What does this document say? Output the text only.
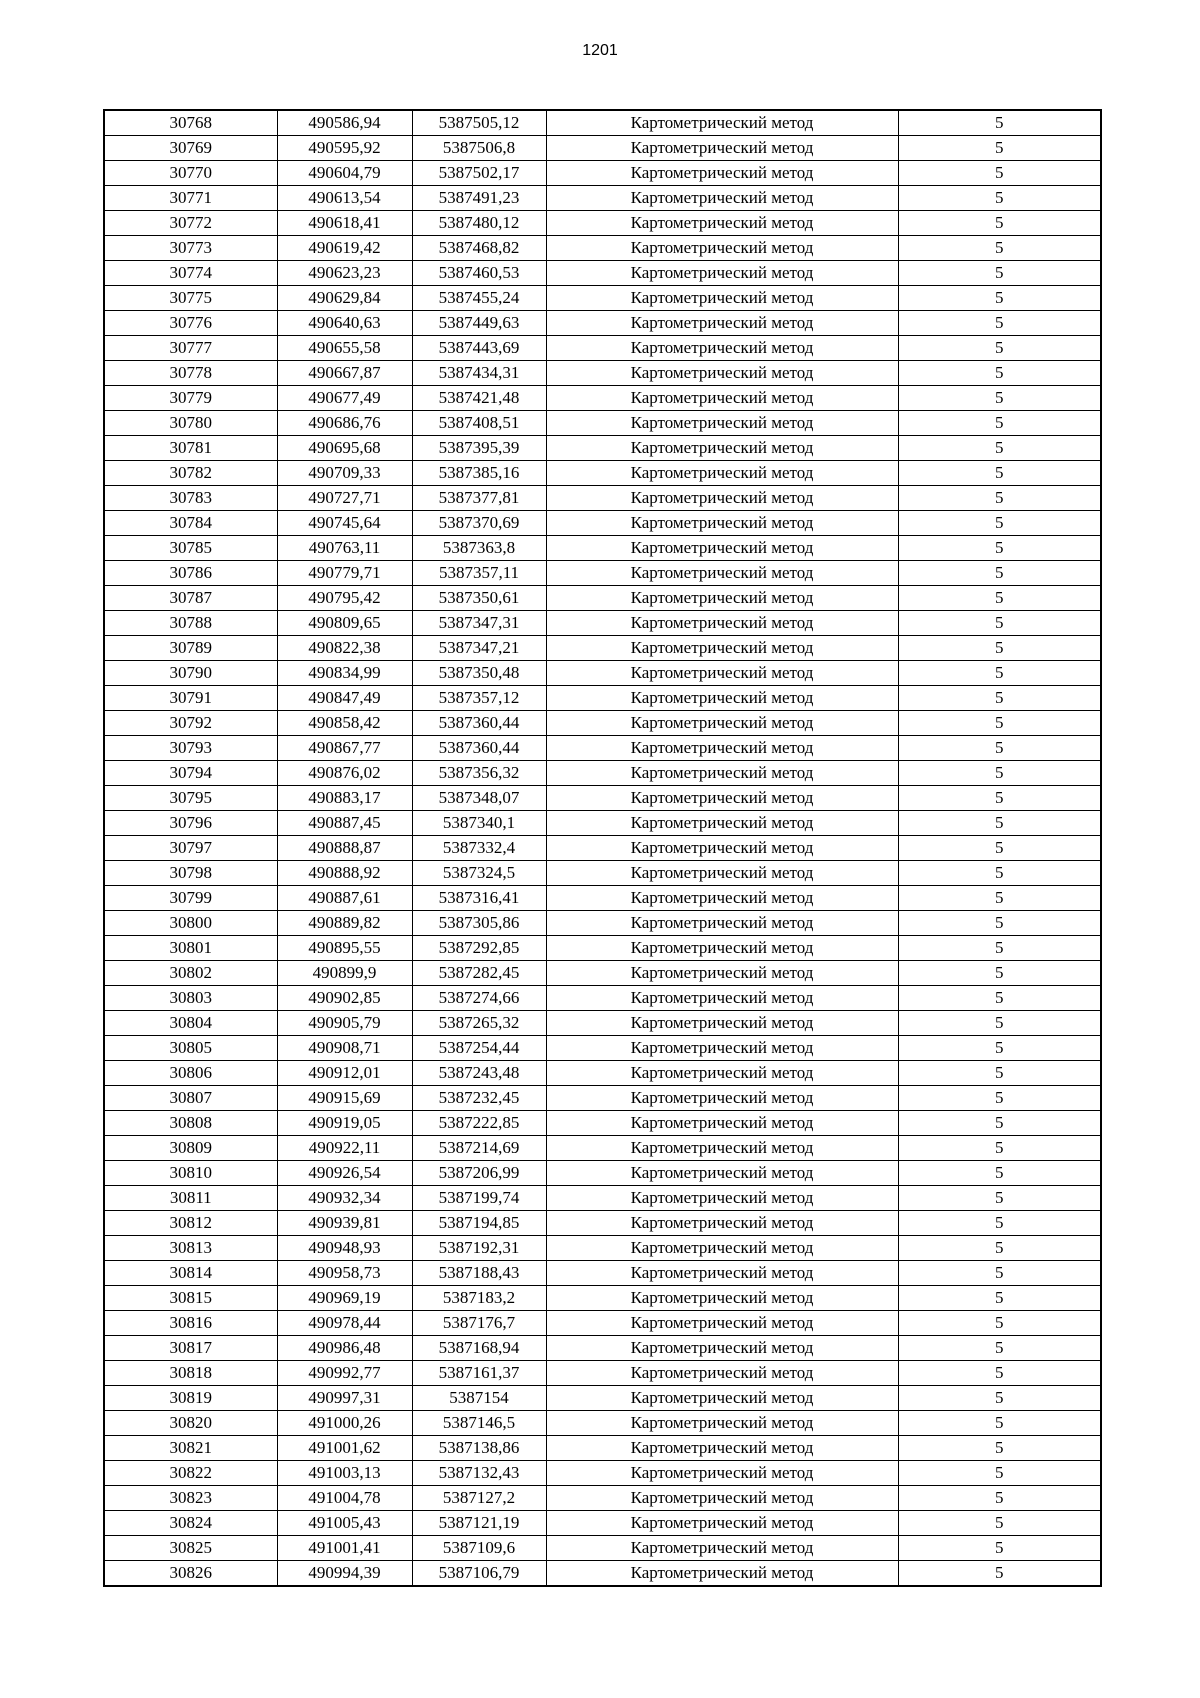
1201
30768	490586,94	5387505,12	Картометрический метод	5
30769	490595,92	5387506,8	Картометрический метод	5
30770	490604,79	5387502,17	Картометрический метод	5
30771	490613,54	5387491,23	Картометрический метод	5
30772	490618,41	5387480,12	Картометрический метод	5
30773	490619,42	5387468,82	Картометрический метод	5
30774	490623,23	5387460,53	Картометрический метод	5
30775	490629,84	5387455,24	Картометрический метод	5
30776	490640,63	5387449,63	Картометрический метод	5
30777	490655,58	5387443,69	Картометрический метод	5
30778	490667,87	5387434,31	Картометрический метод	5
30779	490677,49	5387421,48	Картометрический метод	5
30780	490686,76	5387408,51	Картометрический метод	5
30781	490695,68	5387395,39	Картометрический метод	5
30782	490709,33	5387385,16	Картометрический метод	5
30783	490727,71	5387377,81	Картометрический метод	5
30784	490745,64	5387370,69	Картометрический метод	5
30785	490763,11	5387363,8	Картометрический метод	5
30786	490779,71	5387357,11	Картометрический метод	5
30787	490795,42	5387350,61	Картометрический метод	5
30788	490809,65	5387347,31	Картометрический метод	5
30789	490822,38	5387347,21	Картометрический метод	5
30790	490834,99	5387350,48	Картометрический метод	5
30791	490847,49	5387357,12	Картометрический метод	5
30792	490858,42	5387360,44	Картометрический метод	5
30793	490867,77	5387360,44	Картометрический метод	5
30794	490876,02	5387356,32	Картометрический метод	5
30795	490883,17	5387348,07	Картометрический метод	5
30796	490887,45	5387340,1	Картометрический метод	5
30797	490888,87	5387332,4	Картометрический метод	5
30798	490888,92	5387324,5	Картометрический метод	5
30799	490887,61	5387316,41	Картометрический метод	5
30800	490889,82	5387305,86	Картометрический метод	5
30801	490895,55	5387292,85	Картометрический метод	5
30802	490899,9	5387282,45	Картометрический метод	5
30803	490902,85	5387274,66	Картометрический метод	5
30804	490905,79	5387265,32	Картометрический метод	5
30805	490908,71	5387254,44	Картометрический метод	5
30806	490912,01	5387243,48	Картометрический метод	5
30807	490915,69	5387232,45	Картометрический метод	5
30808	490919,05	5387222,85	Картометрический метод	5
30809	490922,11	5387214,69	Картометрический метод	5
30810	490926,54	5387206,99	Картометрический метод	5
30811	490932,34	5387199,74	Картометрический метод	5
30812	490939,81	5387194,85	Картометрический метод	5
30813	490948,93	5387192,31	Картометрический метод	5
30814	490958,73	5387188,43	Картометрический метод	5
30815	490969,19	5387183,2	Картометрический метод	5
30816	490978,44	5387176,7	Картометрический метод	5
30817	490986,48	5387168,94	Картометрический метод	5
30818	490992,77	5387161,37	Картометрический метод	5
30819	490997,31	5387154	Картометрический метод	5
30820	491000,26	5387146,5	Картометрический метод	5
30821	491001,62	5387138,86	Картометрический метод	5
30822	491003,13	5387132,43	Картометрический метод	5
30823	491004,78	5387127,2	Картометрический метод	5
30824	491005,43	5387121,19	Картометрический метод	5
30825	491001,41	5387109,6	Картометрический метод	5
30826	490994,39	5387106,79	Картометрический метод	5
